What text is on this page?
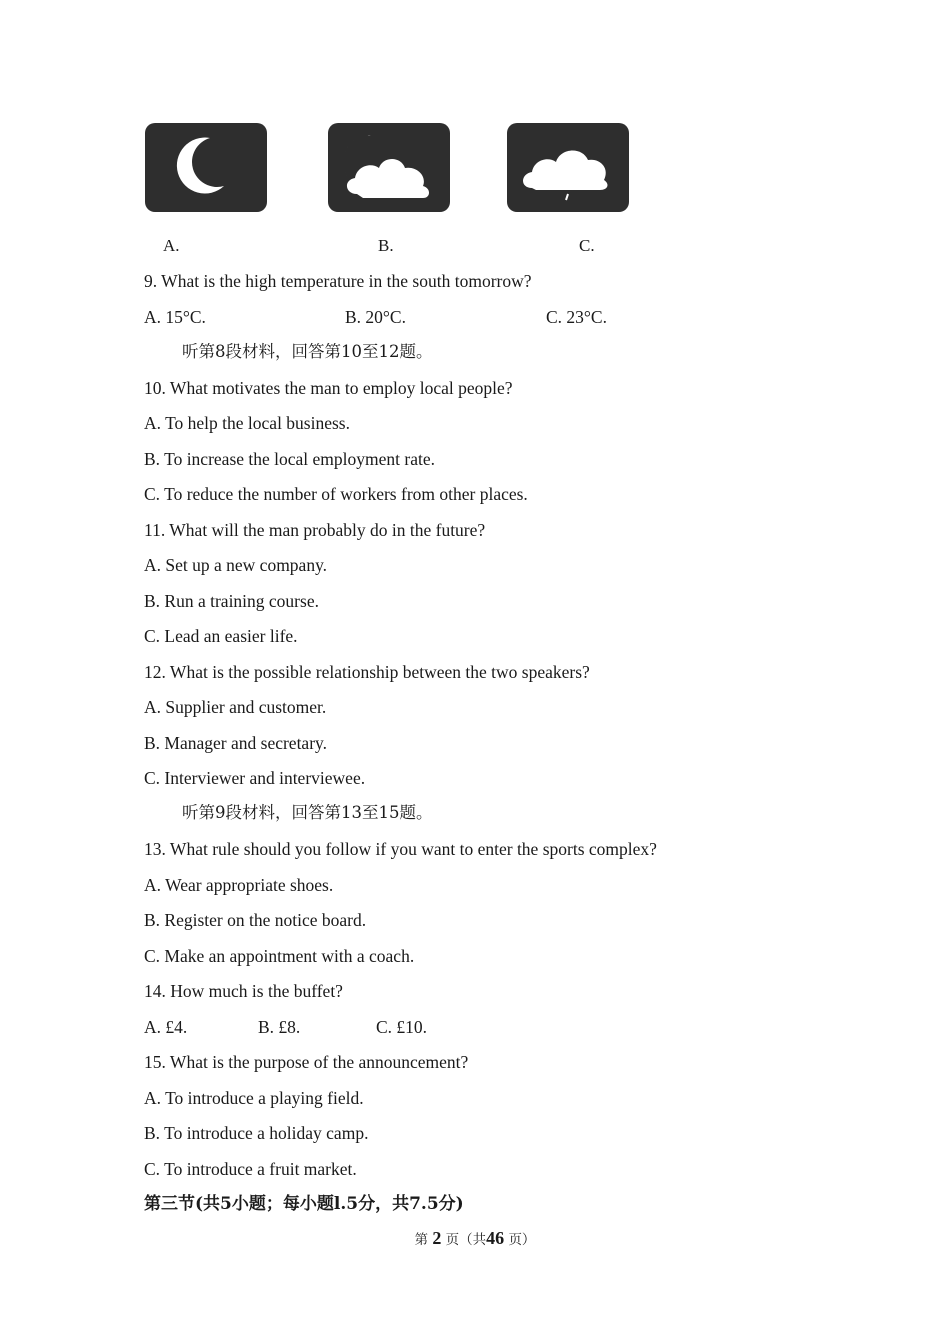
A.	B.	C.
9. What is the high temperature in the south tomorrow?
A. 15°C.	B. 20°C.	C. 23°C.
听第8段材料，回答第10至12题。
10. What motivates the man to employ local people?
A. To help the local business.
B. To increase the local employment rate.
C. To reduce the number of workers from other places.
11. What will the man probably do in the future?
A. Set up a new company.
B. Run a training course.
C. Lead an easier life.
12. What is the possible relationship between the two speakers?
A. Supplier and customer.
B. Manager and secretary.
C. Interviewer and interviewee.
听第9段材料，回答第13至15题。
13. What rule should you follow if you want to enter the sports complex?
A. Wear appropriate shoes.
B. Register on the notice board.
C. Make an appointment with a coach.
14. How much is the buffet?
A. £4.	B. £8.	C. £10.
15. What is the purpose of the announcement?
A. To introduce a playing field.
B. To introduce a holiday camp.
C. To introduce a fruit market.
第三节(共5小题；每小题l.5分，共7.5分)
第 2 页（共46 页）
